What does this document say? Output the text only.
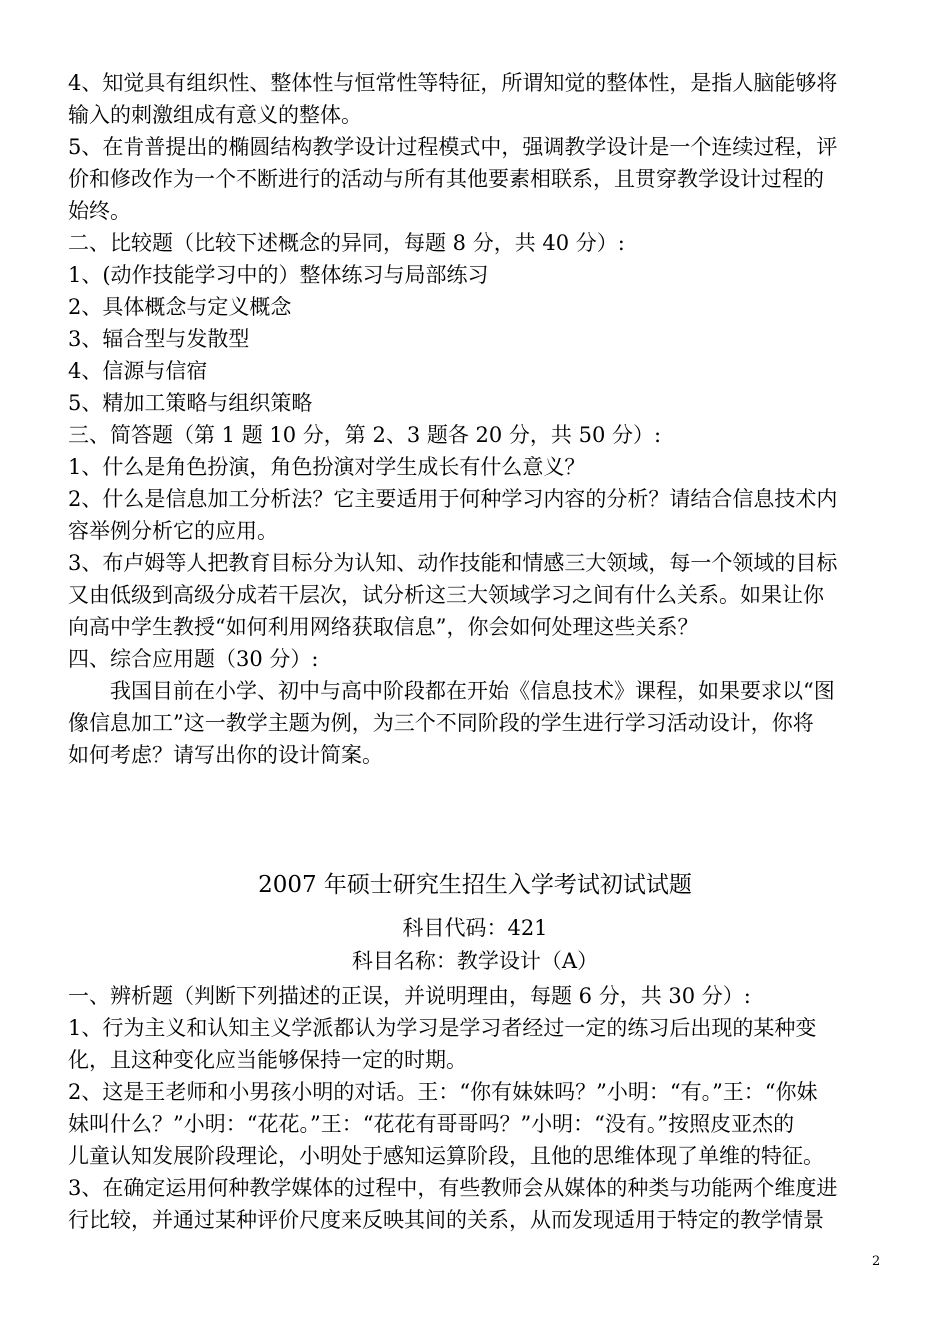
4、知觉具有组织性、整体性与恒常性等特征，所谓知觉的整体性，是指人脑能够将
输入的刺激组成有意义的整体。
5、在肯普提出的椭圆结构教学设计过程模式中，强调教学设计是一个连续过程，评
价和修改作为一个不断进行的活动与所有其他要素相联系，且贯穿教学设计过程的
始终。
二、比较题（比较下述概念的异同，每题 8 分，共 40 分）:
1、(动作技能学习中的）整体练习与局部练习
2、具体概念与定义概念
3、辐合型与发散型
4、信源与信宿
5、精加工策略与组织策略
三、简答题（第 1 题 10 分，第 2、3 题各 20 分，共 50 分）:
1、什么是角色扮演，角色扮演对学生成长有什么意义？
2、什么是信息加工分析法？它主要适用于何种学习内容的分析？请结合信息技术内
容举例分析它的应用。
3、布卢姆等人把教育目标分为认知、动作技能和情感三大领域，每一个领域的目标
又由低级到高级分成若干层次，试分析这三大领域学习之间有什么关系。如果让你
向高中学生教授“如何利用网络获取信息”，你会如何处理这些关系？
四、综合应用题（30 分）:
我国目前在小学、初中与高中阶段都在开始《信息技术》课程，如果要求以“图
像信息加工”这一教学主题为例，为三个不同阶段的学生进行学习活动设计，你将
如何考虑？请写出你的设计简案。
2007 年硕士研究生招生入学考试初试试题
科目代码：421
科目名称：教学设计（A）
一、辨析题（判断下列描述的正误，并说明理由，每题 6 分，共 30 分）:
1、行为主义和认知主义学派都认为学习是学习者经过一定的练习后出现的某种变
化，且这种变化应当能够保持一定的时期。
2、这是王老师和小男孩小明的对话。王：“你有妹妹吗？”小明：“有。”王：“你妹
妹叫什么？”小明：“花花。”王：“花花有哥哥吗？”小明：“没有。”按照皮亚杰的
儿童认知发展阶段理论，小明处于感知运算阶段，且他的思维体现了单维的特征。
3、在确定运用何种教学媒体的过程中，有些教师会从媒体的种类与功能两个维度进
行比较，并通过某种评价尺度来反映其间的关系，从而发现适用于特定的教学情景
2
